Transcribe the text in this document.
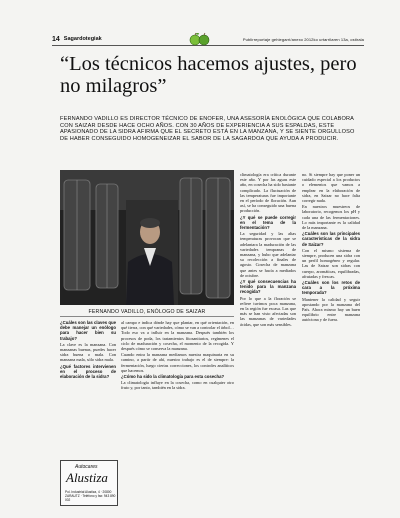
14 Sagardotegiak	Publirreportaje gehiegarri/anexo 2012ko urtarrilaren 13a, ostirala
“Los técnicos hacemos ajustes, pero no milagros”

FERNANDO VADILLO ES DIRECTOR TÉCNICO DE ENOFER, UNA ASESORÍA ENOLÓGICA QUE COLABORA CON SAIZAR DESDE HACE OCHO AÑOS. CON 30 AÑOS DE EXPERIENCIA A SUS ESPALDAS, ESTE APASIONADO DE LA SIDRA AFIRMA QUE EL SECRETO ESTÁ EN LA MANZANA, Y SE SIENTE ORGULLOSO DE HABER CONSEGUIDO HOMOGENEIZAR EL SABOR DE LA SAGARDOA QUE AYUDA A PRODUCIR.

FERNANDO VADILLO, ENÓLOGO DE SAIZAR

¿Cuáles son las claves que debe manejar un enólogo para hacer bien su trabajo?

La clave es la manzana. Con manzanas buenas, puedes hacer sidra buena o mala. Con manzana mala, sólo sidra mala.

¿Qué factores intervienen en el proceso de elaboración de la sidra?

al campo e indica dónde hay que plantar, en qué orientación, en qué tierra, con qué variedades, cómo se van a controlar el árbol… Todo eso va a influir en la manzana. Después también los procesos de poda, los tratamientos fitosanitarios, regímenes el ciclo de maduración y cosecha, el momento de la recogida. Y después cómo se conserva la manzana.

Cuando entra la manzana mediamos nuestra maquinaria en su camino, a partir de ahí, nuestro trabajo es el de siempre: la fermentación, luego ciertas correcciones, los controles analíticos que hacemos.

¿Cómo ha sido la climatología para esta cosecha?

La climatología influye en la cosecha, como en cualquier otro fruto y, por tanto, también en la sidra.

climatología era crítica durante este año. Y por las aguas este año, en cosecha ha sido bastante complicado. La fluctuación de las temperaturas fue importante en el período de floración. Aun así, se ha conseguido una buena producción.

¿Y qué se puede corregir en el tema de la fermentación?

La seguridad y las altas temperaturas provocan que se adelantara la maduración de las variedades tempranas de manzana, y hubo que adelantar su recolección a finales de agosto. Cosecha de manzana que antes se hacía a mediados de octubre.

¿Y qué consecuencias ha tenido para la manzana recogida?

Por lo que a la floración se refiere tuvimos poca manzana, en la región fue escasa. Las que más se han visto afectadas son las manzanas de variedades ácidas, que son más sensibles.

no. Si siempre hay que poner un cuidado especial a los productos o elementos que vamos a emplear en la elaboración de sidra, en Saizar no hace falta corregir nada.

En nuestros muestreos de laboratorio, recogemos los pH y cada una de las fermentaciones. Lo más importante es la calidad de la manzana.

¿Cuáles son las principales características de la sidra de Saizar?

Con el mismo sistema de siempre, producen una sidra con un perfil homogéneo y regular. Las de Saizar son sidras con cuerpo, aromáticas, equilibradas, afrutadas y frescas.

¿Cuáles son los retos de cara a la próxima temporada?

Mantener la calidad y seguir apostando por la manzana del País. Ahora mismo hay un buen equilibrio entre manzana autóctona y de fuera.

Autocares
Alustiza
Pol. Industrial Alustiza, 4 · 20800 ZARAUTZ · Teléfono y fax: 943 890 002
